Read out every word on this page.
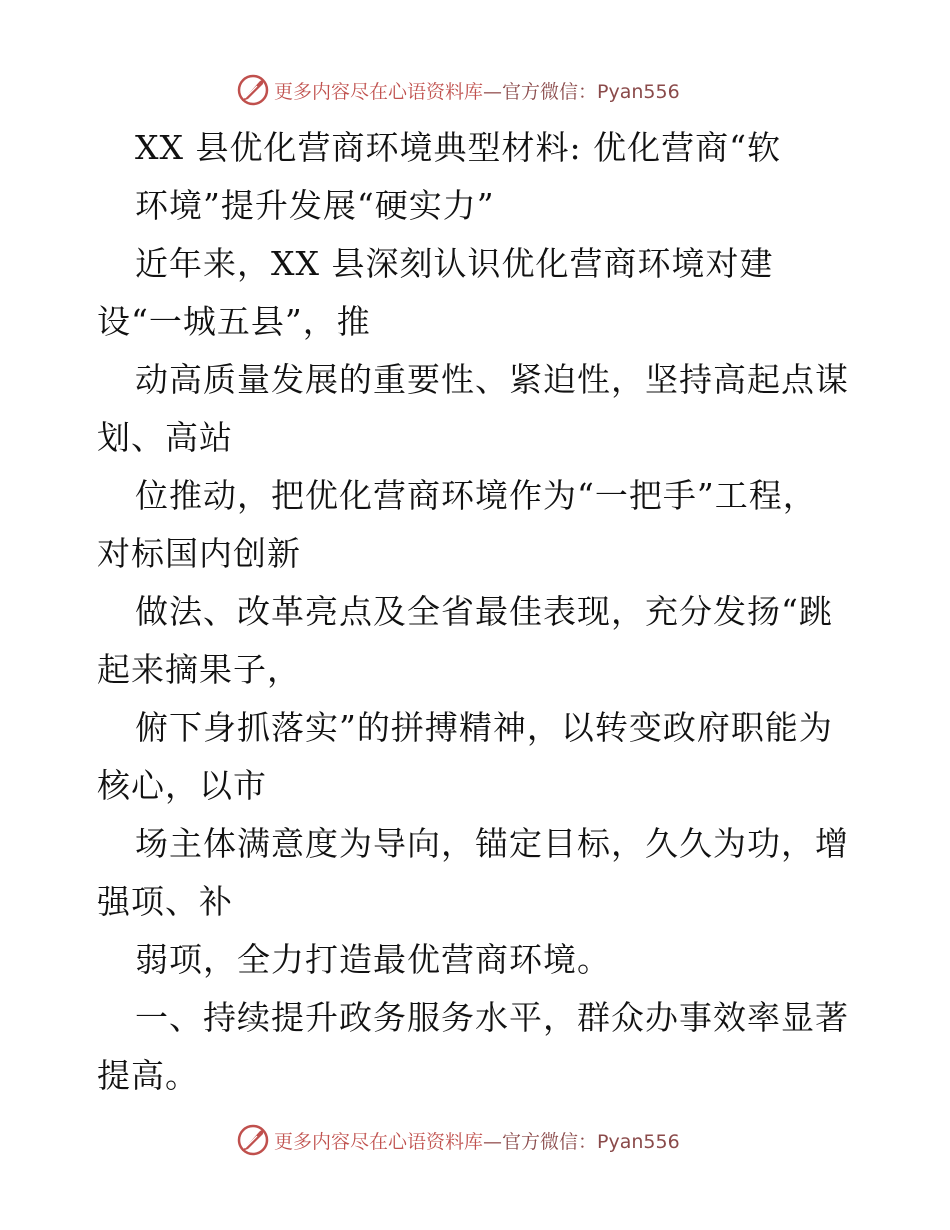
更多内容尽在心语资料库—官方微信：Pyan556
XX 县优化营商环境典型材料: 优化营商“软
环境”提升发展“硬实力”
近年来，XX 县深刻认识优化营商环境对建
设“一城五县”，推
动高质量发展的重要性、紧迫性，坚持高起点谋
划、高站
位推动，把优化营商环境作为“一把手”工程，
对标国内创新
做法、改革亮点及全省最佳表现，充分发扬“跳
起来摘果子，
俯下身抓落实”的拼搏精神，以转变政府职能为
核心，以市
场主体满意度为导向，锚定目标，久久为功，增
强项、补
弱项，全力打造最优营商环境。
一、持续提升政务服务水平，群众办事效率显著
提高。
更多内容尽在心语资料库—官方微信：Pyan556
